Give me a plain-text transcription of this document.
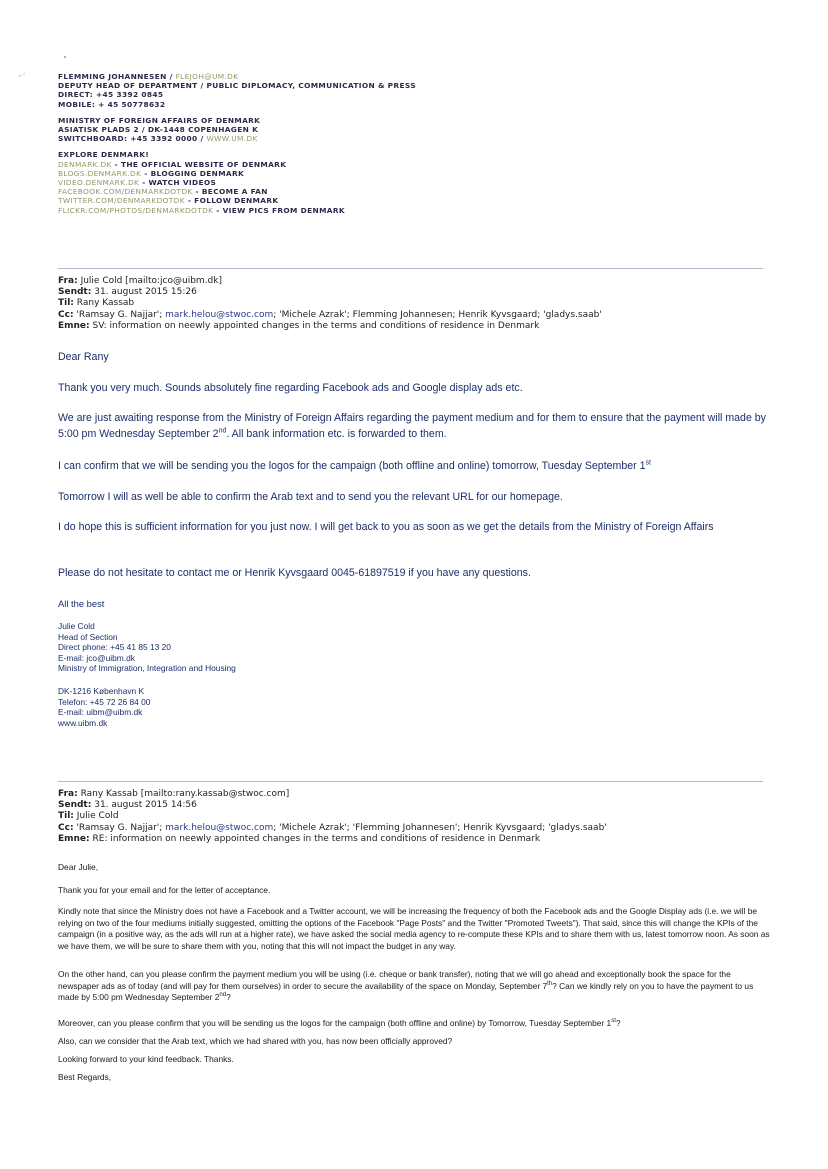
‹·‘	FLEMMING JOHANNESEN / FLEJOH@UM.DK
DEPUTY HEAD OF DEPARTMENT / PUBLIC DIPLOMACY, COMMUNICATION & PRESS
DIRECT: +45 3392 0845
MOBILE: + 45 50778632
MINISTRY OF FOREIGN AFFAIRS OF DENMARK
ASIATISK PLADS 2 / DK-1448 COPENHAGEN K
SWITCHBOARD: +45 3392 0000 / WWW.UM.DK
EXPLORE DENMARK!
DENMARK.DK - THE OFFICIAL WEBSITE OF DENMARK
BLOGS.DENMARK.DK - BLOGGING DENMARK
VIDEO.DENMARK.DK - WATCH VIDEOS
FACEBOOK.COM/DENMARKDOTDK - BECOME A FAN
TWITTER.COM/DENMARKDOTDK - FOLLOW DENMARK
FLICKR.COM/PHOTOS/DENMARKDOTDK - VIEW PICS FROM DENMARK
Fra: Julie Cold [mailto:jco@uibm.dk]
Sendt: 31. august 2015 15:26
Til: Rany Kassab
Cc: 'Ramsay G. Najjar'; mark.helou@stwoc.com; 'Michele Azrak'; Flemming Johannesen; Henrik Kyvsgaard; 'gladys.saab'
Emne: SV: information on neewly appointed changes in the terms and conditions of residence in Denmark
Dear Rany
Thank you very much. Sounds absolutely fine regarding Facebook ads and Google display ads etc.
We are just awaiting response from the Ministry of Foreign Affairs regarding the payment medium and for them to ensure that the payment will made by 5:00 pm Wednesday September 2nd. All bank information etc. is forwarded to them.
I can confirm that we will be sending you the logos for the campaign (both offline and online) tomorrow, Tuesday September 1st
Tomorrow I will as well be able to confirm the Arab text and to send you the relevant URL for our homepage.
I do hope this is sufficient information for you just now. I will get back to you as soon as we get the details from the Ministry of Foreign Affairs
Please do not hesitate to contact me or Henrik Kyvsgaard 0045-61897519 if you have any questions.
All the best
Julie Cold
Head of Section
Direct phone: +45 41 85 13 20
E-mail: jco@uibm.dk
Ministry of Immigration, Integration and Housing
DK-1216 København K
Telefon: +45 72 26 84 00
E-mail: uibm@uibm.dk
www.uibm.dk
Fra: Rany Kassab [mailto:rany.kassab@stwoc.com]
Sendt: 31. august 2015 14:56
Til: Julie Cold
Cc: 'Ramsay G. Najjar'; mark.helou@stwoc.com; 'Michele Azrak'; 'Flemming Johannesen'; Henrik Kyvsgaard; 'gladys.saab'
Emne: RE: information on neewly appointed changes in the terms and conditions of residence in Denmark
Dear Julie,
Thank you for your email and for the letter of acceptance.
Kindly note that since the Ministry does not have a Facebook and a Twitter account, we will be increasing the frequency of both the Facebook ads and the Google Display ads (i.e. we will be relying on two of the four mediums initially suggested, omitting the options of the Facebook "Page Posts" and the Twitter "Promoted Tweets"). That said, since this will change the KPIs of the campaign (in a positive way, as the ads will run at a higher rate), we have asked the social media agency to re-compute these KPIs and to share them with us, latest tomorrow noon. As soon as we have them, we will be sure to share them with you, noting that this will not impact the budget in any way.
On the other hand, can you please confirm the payment medium you will be using (i.e. cheque or bank transfer), noting that we will go ahead and exceptionally book the space for the newspaper ads as of today (and will pay for them ourselves) in order to secure the availability of the space on Monday, September 7th? Can we kindly rely on you to have the payment to us made by 5:00 pm Wednesday September 2nd?
Moreover, can you please confirm that you will be sending us the logos for the campaign (both offline and online) by Tomorrow, Tuesday September 1st?
Also, can we consider that the Arab text, which we had shared with you, has now been officially approved?
Looking forward to your kind feedback. Thanks.
Best Regards,
